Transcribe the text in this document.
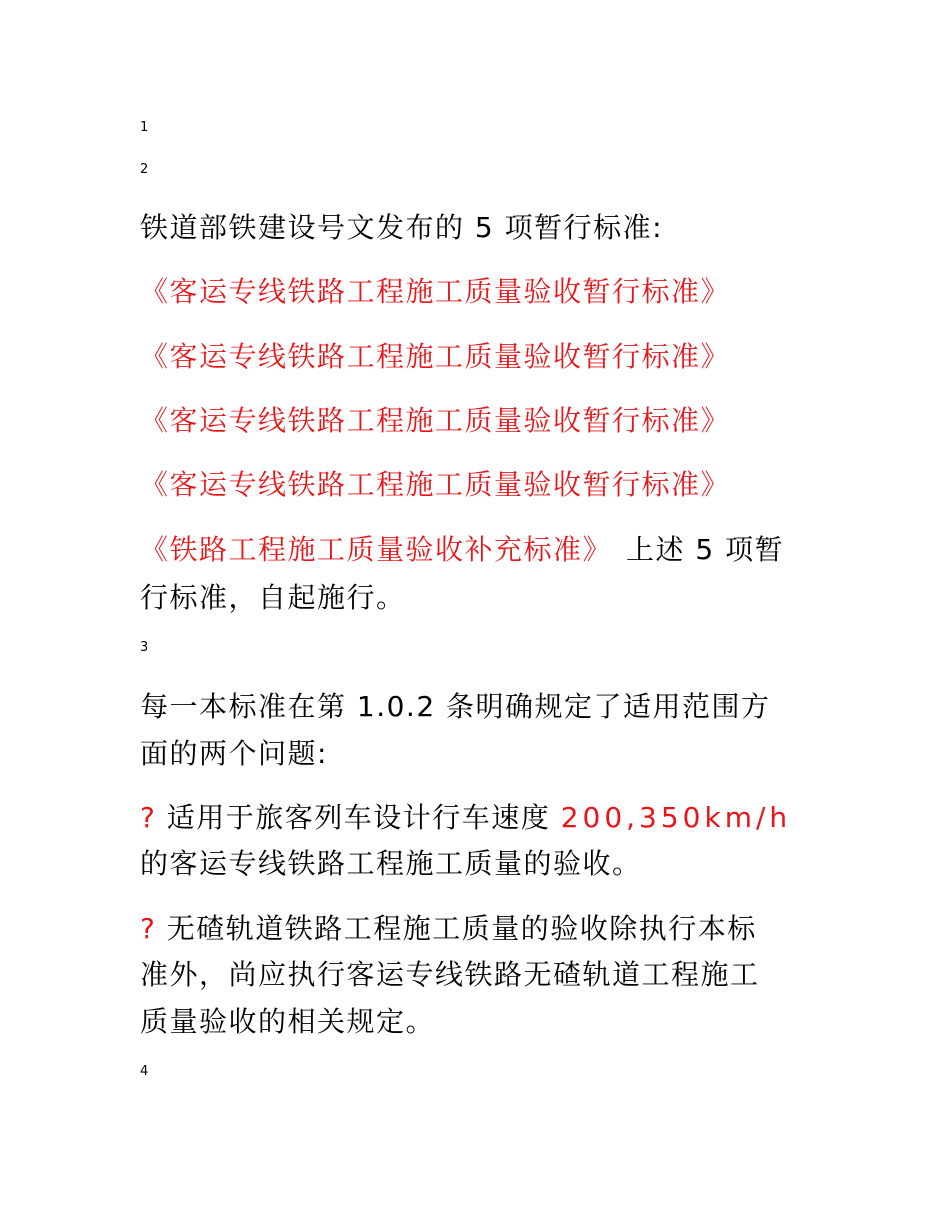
1
2
铁道部铁建设号文发布的 5 项暂行标准:
《客运专线铁路工程施工质量验收暂行标准》
《客运专线铁路工程施工质量验收暂行标准》
《客运专线铁路工程施工质量验收暂行标准》
《客运专线铁路工程施工质量验收暂行标准》
《铁路工程施工质量验收补充标准》 上述 5 项暂
行标准，自起施行。
3
每一本标准在第 1.0.2 条明确规定了适用范围方
面的两个问题:
? 适用于旅客列车设计行车速度 200,350km/h
的客运专线铁路工程施工质量的验收。
? 无碴轨道铁路工程施工质量的验收除执行本标
准外，尚应执行客运专线铁路无碴轨道工程施工
质量验收的相关规定。
4
